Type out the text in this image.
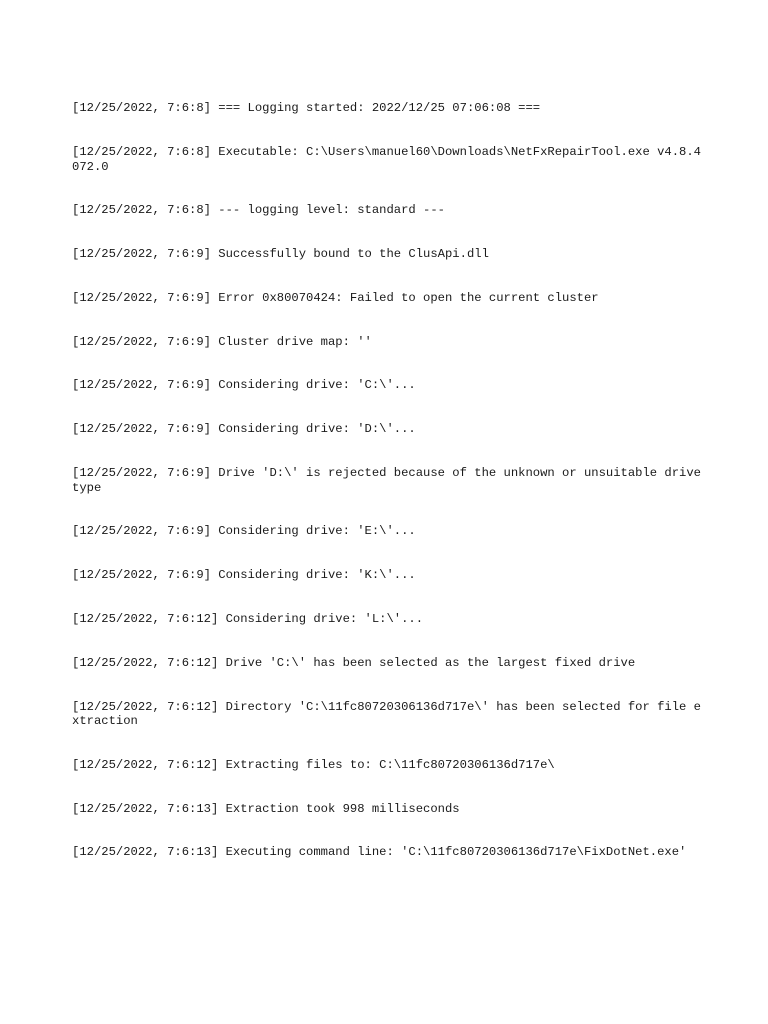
[12/25/2022, 7:6:8] === Logging started: 2022/12/25 07:06:08 ===

[12/25/2022, 7:6:8] Executable: C:\Users\manuel60\Downloads\NetFxRepairTool.exe v4.8.4072.0

[12/25/2022, 7:6:8] --- logging level: standard ---

[12/25/2022, 7:6:9] Successfully bound to the ClusApi.dll

[12/25/2022, 7:6:9] Error 0x80070424: Failed to open the current cluster

[12/25/2022, 7:6:9] Cluster drive map: ''

[12/25/2022, 7:6:9] Considering drive: 'C:\'...

[12/25/2022, 7:6:9] Considering drive: 'D:\'...

[12/25/2022, 7:6:9] Drive 'D:\' is rejected because of the unknown or unsuitable drive type

[12/25/2022, 7:6:9] Considering drive: 'E:\'...

[12/25/2022, 7:6:9] Considering drive: 'K:\'...

[12/25/2022, 7:6:12] Considering drive: 'L:\'...

[12/25/2022, 7:6:12] Drive 'C:\' has been selected as the largest fixed drive

[12/25/2022, 7:6:12] Directory 'C:\11fc80720306136d717e\' has been selected for file extraction

[12/25/2022, 7:6:12] Extracting files to: C:\11fc80720306136d717e\

[12/25/2022, 7:6:13] Extraction took 998 milliseconds

[12/25/2022, 7:6:13] Executing command line: 'C:\11fc80720306136d717e\FixDotNet.exe'
